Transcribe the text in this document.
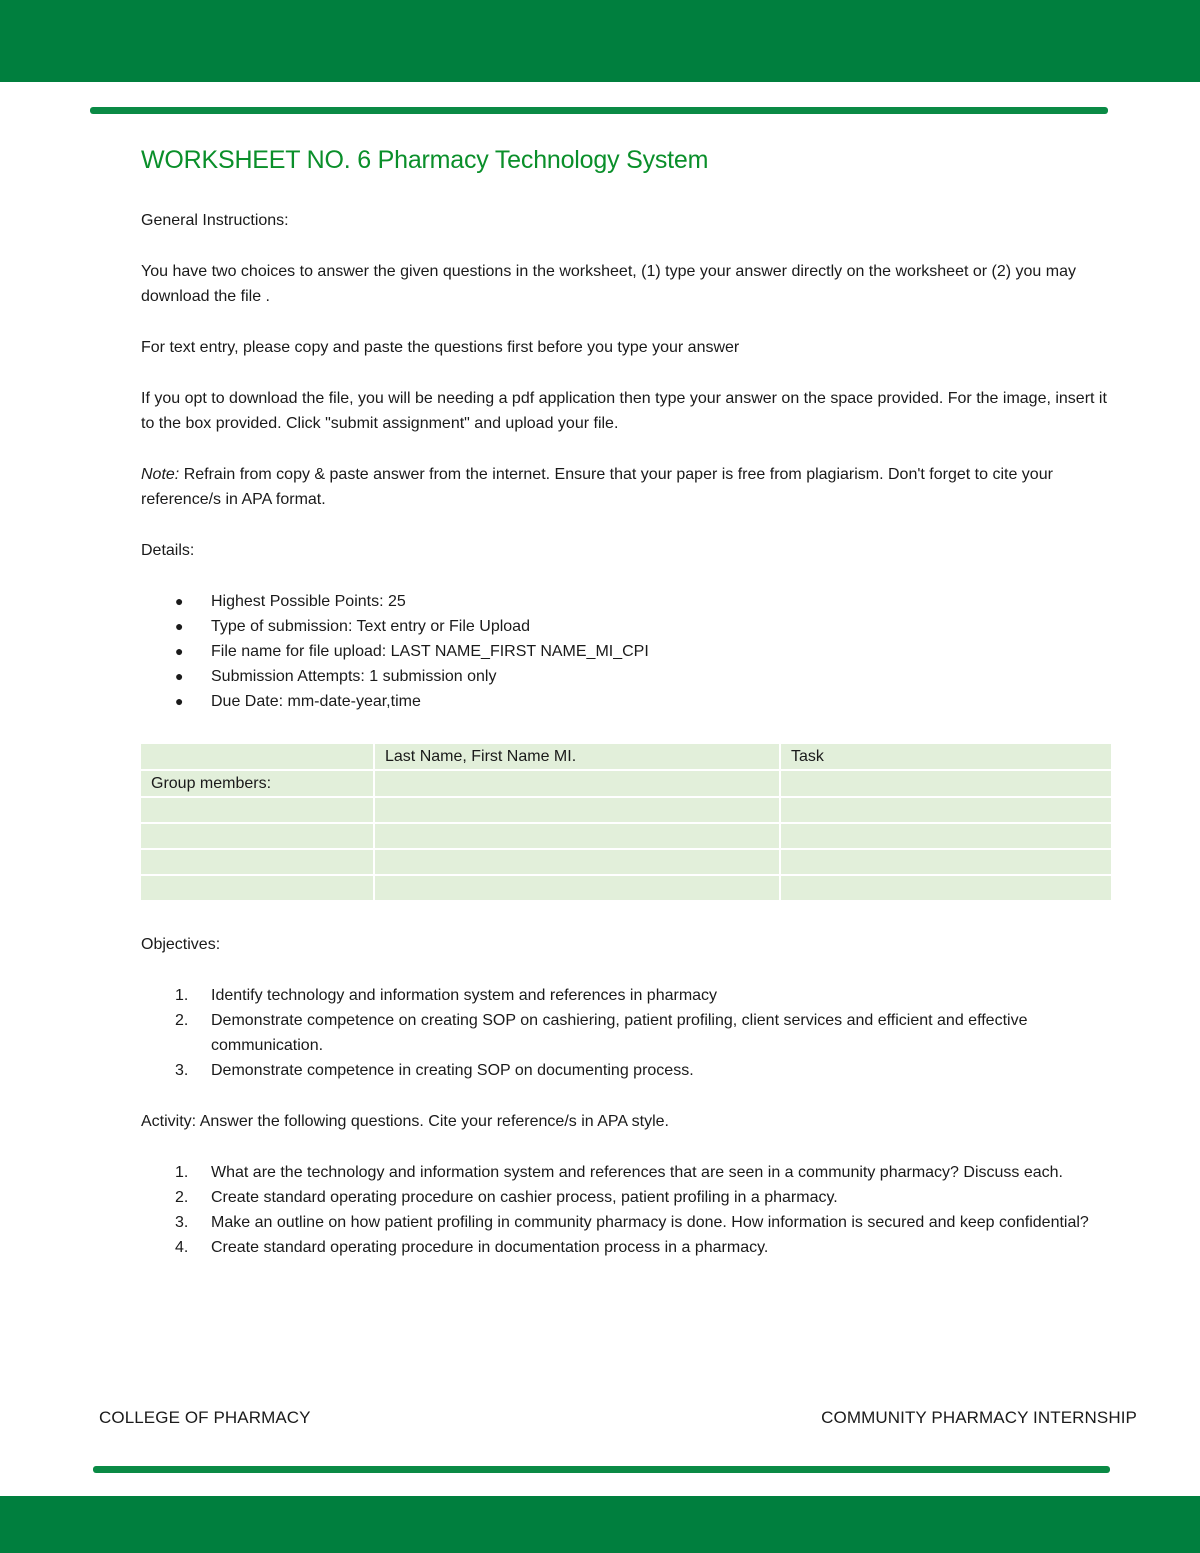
WORKSHEET NO. 6 Pharmacy Technology System

General Instructions:

You have two choices to answer the given questions in the worksheet, (1) type your answer directly on the worksheet or (2) you may download the file .

For text entry, please copy and paste the questions first before you type your answer

If you opt to download the file, you will be needing a pdf application then type your answer on the space provided. For the image, insert it to the box provided. Click "submit assignment" and upload your file.

Note: Refrain from copy & paste answer from the internet. Ensure that your paper is free from plagiarism. Don't forget to cite your reference/s in APA format.

Details:

● Highest Possible Points: 25
● Type of submission: Text entry or File Upload
● File name for file upload: LAST NAME_FIRST NAME_MI_CPI
● Submission Attempts: 1 submission only
● Due Date: mm-date-year,time
	Last Name, First Name MI.	Task
Group members:		

Objectives:

1. Identify technology and information system and references in pharmacy
2. Demonstrate competence on creating SOP on cashiering, patient profiling, client services and efficient and effective communication.
3. Demonstrate competence in creating SOP on documenting process.

Activity: Answer the following questions. Cite your reference/s in APA style.

1. What are the technology and information system and references that are seen in a community pharmacy? Discuss each.
2. Create standard operating procedure on cashier process, patient profiling in a pharmacy.
3. Make an outline on how patient profiling in community pharmacy is done. How information is secured and keep confidential?
4. Create standard operating procedure in documentation process in a pharmacy.
COLLEGE OF PHARMACY	COMMUNITY PHARMACY INTERNSHIP
